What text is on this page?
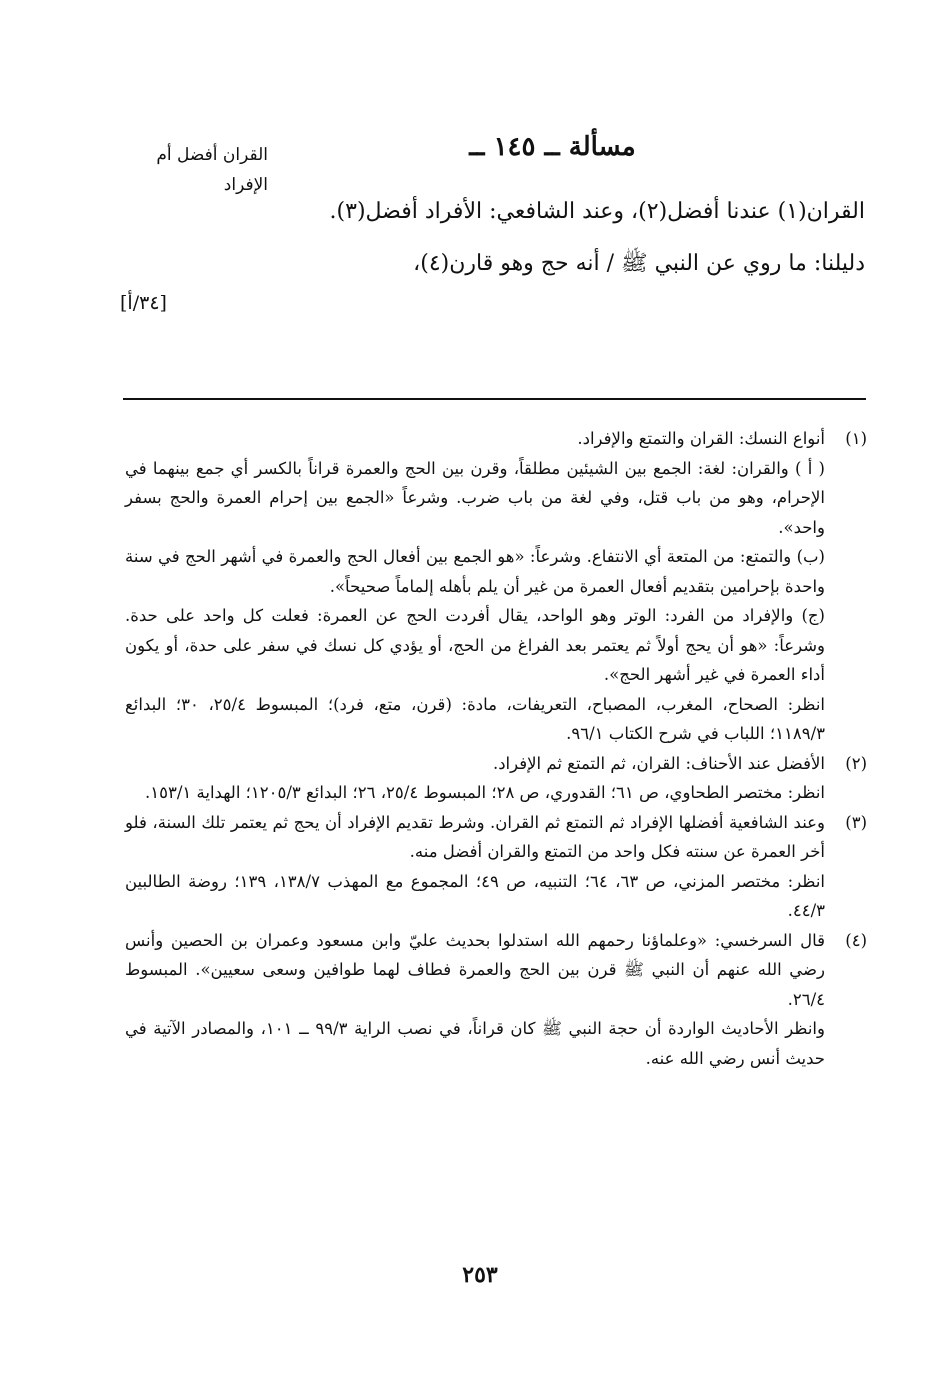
مسألة ــ ١٤٥ ــ
القران أفضل أم
الإفراد

القران(١) عندنا أفضل(٢)، وعند الشافعي: الأفراد أفضل(٣).

دليلنا: ما روي عن النبي ﷺ / أنه حج وهو قارن(٤)،

[٣٤/أ]
(١)

أنواع النسك: القران والتمتع والإفراد.

( أ ) والقران: لغة: الجمع بين الشيئين مطلقاً، وقرن بين الحج والعمرة قراناً بالكسر أي جمع بينهما في الإحرام، وهو من باب قتل، وفي لغة من باب ضرب. وشرعاً «الجمع بين إحرام العمرة والحج بسفر واحد».

(ب) والتمتع: من المتعة أي الانتفاع. وشرعاً: «هو الجمع بين أفعال الحج والعمرة في أشهر الحج في سنة واحدة بإحرامين بتقديم أفعال العمرة من غير أن يلم بأهله إلماماً صحيحاً».

(ج) والإفراد من الفرد: الوتر وهو الواحد، يقال أفردت الحج عن العمرة: فعلت كل واحد على حدة. وشرعاً: «هو أن يحج أولاً ثم يعتمر بعد الفراغ من الحج، أو يؤدي كل نسك في سفر على حدة، أو يكون أداء العمرة في غير أشهر الحج».

انظر: الصحاح، المغرب، المصباح، التعريفات، مادة: (قرن، متع، فرد)؛ المبسوط ٢٥/٤، ٣٠؛ البدائع ١١٨٩/٣؛ اللباب في شرح الكتاب ٩٦/١.

(٢)

الأفضل عند الأحناف: القران، ثم التمتع ثم الإفراد.

انظر: مختصر الطحاوي، ص ٦١؛ القدوري، ص ٢٨؛ المبسوط ٢٥/٤، ٢٦؛ البدائع ١٢٠٥/٣؛ الهداية ١٥٣/١.

(٣)

وعند الشافعية أفضلها الإفراد ثم التمتع ثم القران. وشرط تقديم الإفراد أن يحج ثم يعتمر تلك السنة، فلو أخر العمرة عن سنته فكل واحد من التمتع والقران أفضل منه.

انظر: مختصر المزني، ص ٦٣، ٦٤؛ التنبيه، ص ٤٩؛ المجموع مع المهذب ١٣٨/٧، ١٣٩؛ روضة الطالبين ٤٤/٣.

(٤)

قال السرخسي: «وعلماؤنا رحمهم الله استدلوا بحديث عليّ وابن مسعود وعمران بن الحصين وأنس رضي الله عنهم أن النبي ﷺ قرن بين الحج والعمرة فطاف لهما طوافين وسعى سعيين». المبسوط ٢٦/٤.

وانظر الأحاديث الواردة أن حجة النبي ﷺ كان قراناً، في نصب الراية ٩٩/٣ ــ ١٠١، والمصادر الآتية في حديث أنس رضي الله عنه.

٢٥٣
